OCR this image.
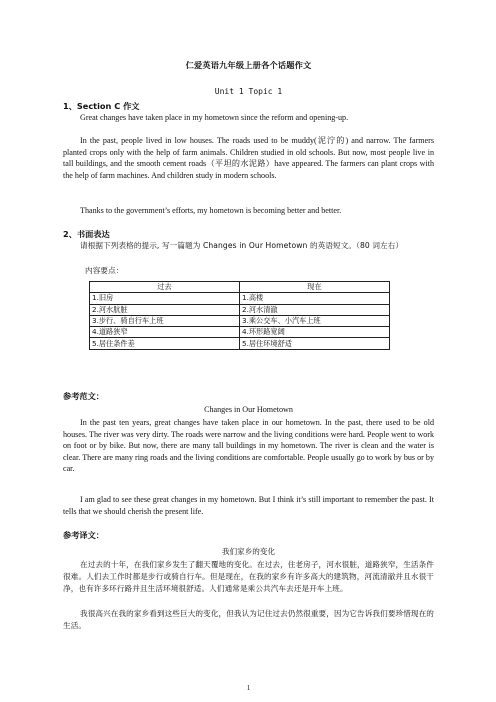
仁爱英语九年级上册各个话题作文
Unit 1 Topic 1
1、Section C 作文

Great changes have taken place in my hometown since the reform and opening-up.

In the past, people lived in low houses. The roads used to be muddy(泥泞的) and narrow. The farmers planted crops only with the help of farm animals. Children studied in old schools. But now, most people live in tall buildings, and the smooth cement roads（平坦的水泥路）have appeared. The farmers can plant crops with the help of farm machines. And children study in modern schools.

Thanks to the government’s efforts, my hometown is becoming better and better.

2、书面表达

请根据下列表格的提示, 写一篇题为 Changes in Our Hometown 的英语短文。（80 词左右）

内容要点：
过去	现在
1.旧房	1.高楼
2.河水肮脏	2.河水清澈
3.步行、骑自行车上班	3.乘公交车、小汽车上班
4.道路狭窄	4.环形路宽阔
5.居住条件差	5.居住环境舒适
参考范文：
Changes in Our Hometown

In the past ten years, great changes have taken place in our hometown. In the past, there used to be old houses. The river was very dirty. The roads were narrow and the living conditions were hard. People went to work on foot or by bike. But now, there are many tall buildings in my hometown. The river is clean and the water is clear. There are many ring roads and the living conditions are comfortable. People usually go to work by bus or by car.

I am glad to see these great changes in my hometown. But I think it’s still important to remember the past. It tells that we should cherish the present life.

参考译文：
我们家乡的变化

在过去的十年，在我们家乡发生了翻天覆地的变化。在过去，住老房子，河水很脏，道路狭窄，生活条件很难。人们去工作时都是步行或骑自行车。但是现在，在我的家乡有许多高大的建筑物，河流清澈并且水很干净，也有许多环行路并且生活环境很舒适。人们通常是乘公共汽车去还是开车上班。

我很高兴在我的家乡看到这些巨大的变化，但我认为记住过去仍然很重要，因为它告诉我们要珍惜现在的生活。

1
